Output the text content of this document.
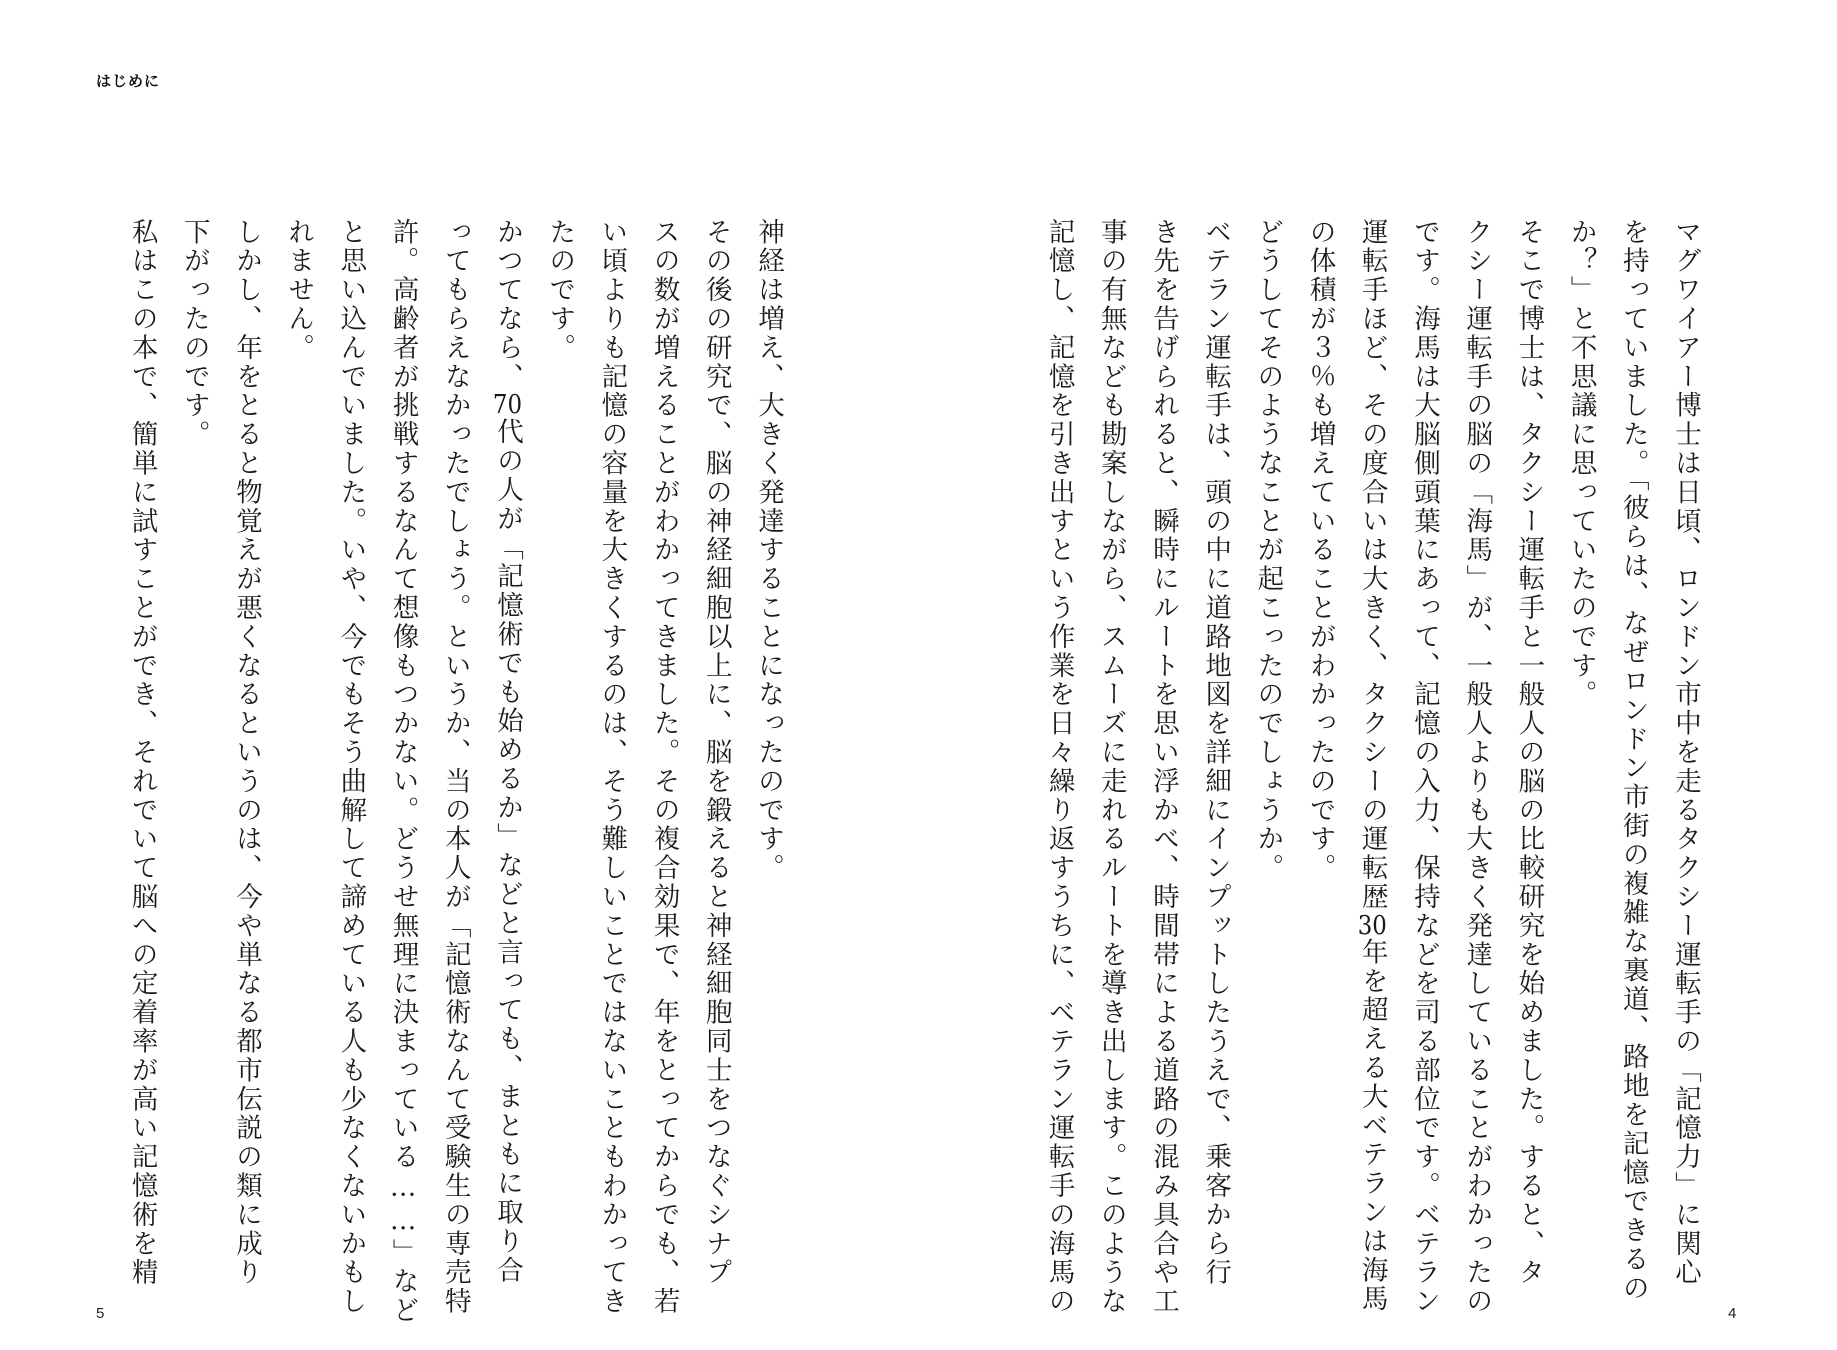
はじめに

マグワイアー博士は日頃、ロンドン市中を走るタクシー運転手の「記憶力」に関心

を持っていました。「彼らは、なぜロンドン市街の複雑な裏道、路地を記憶できるの

か？」と不思議に思っていたのです。

そこで博士は、タクシー運転手と一般人の脳の比較研究を始めました。すると、タ

クシー運転手の脳の「海馬」が、一般人よりも大きく発達していることがわかったの

です。海馬は大脳側頭葉にあって、記憶の入力、保持などを司る部位です。ベテラン

運転手ほど、その度合いは大きく、タクシーの運転歴30年を超える大ベテランは海馬

の体積が３％も増えていることがわかったのです。

どうしてそのようなことが起こったのでしょうか。

ベテラン運転手は、頭の中に道路地図を詳細にインプットしたうえで、乗客から行

き先を告げられると、瞬時にルートを思い浮かべ、時間帯による道路の混み具合や工

事の有無なども勘案しながら、スムーズに走れるルートを導き出します。このような

記憶し、記憶を引き出すという作業を日々繰り返すうちに、ベテラン運転手の海馬の

神経は増え、大きく発達することになったのです。

その後の研究で、脳の神経細胞以上に、脳を鍛えると神経細胞同士をつなぐシナプ

スの数が増えることがわかってきました。その複合効果で、年をとってからでも、若

い頃よりも記憶の容量を大きくするのは、そう難しいことではないこともわかってき

たのです。

かつてなら、70代の人が「記憶術でも始めるか」などと言っても、まともに取り合

ってもらえなかったでしょう。というか、当の本人が「記憶術なんて受験生の専売特

許。高齢者が挑戦するなんて想像もつかない。どうせ無理に決まっている……」など

と思い込んでいました。いや、今でもそう曲解して諦めている人も少なくないかもし

れません。

しかし、年をとると物覚えが悪くなるというのは、今や単なる都市伝説の類に成り

下がったのです。

私はこの本で、簡単に試すことができ、それでいて脳への定着率が高い記憶術を精

5	4
